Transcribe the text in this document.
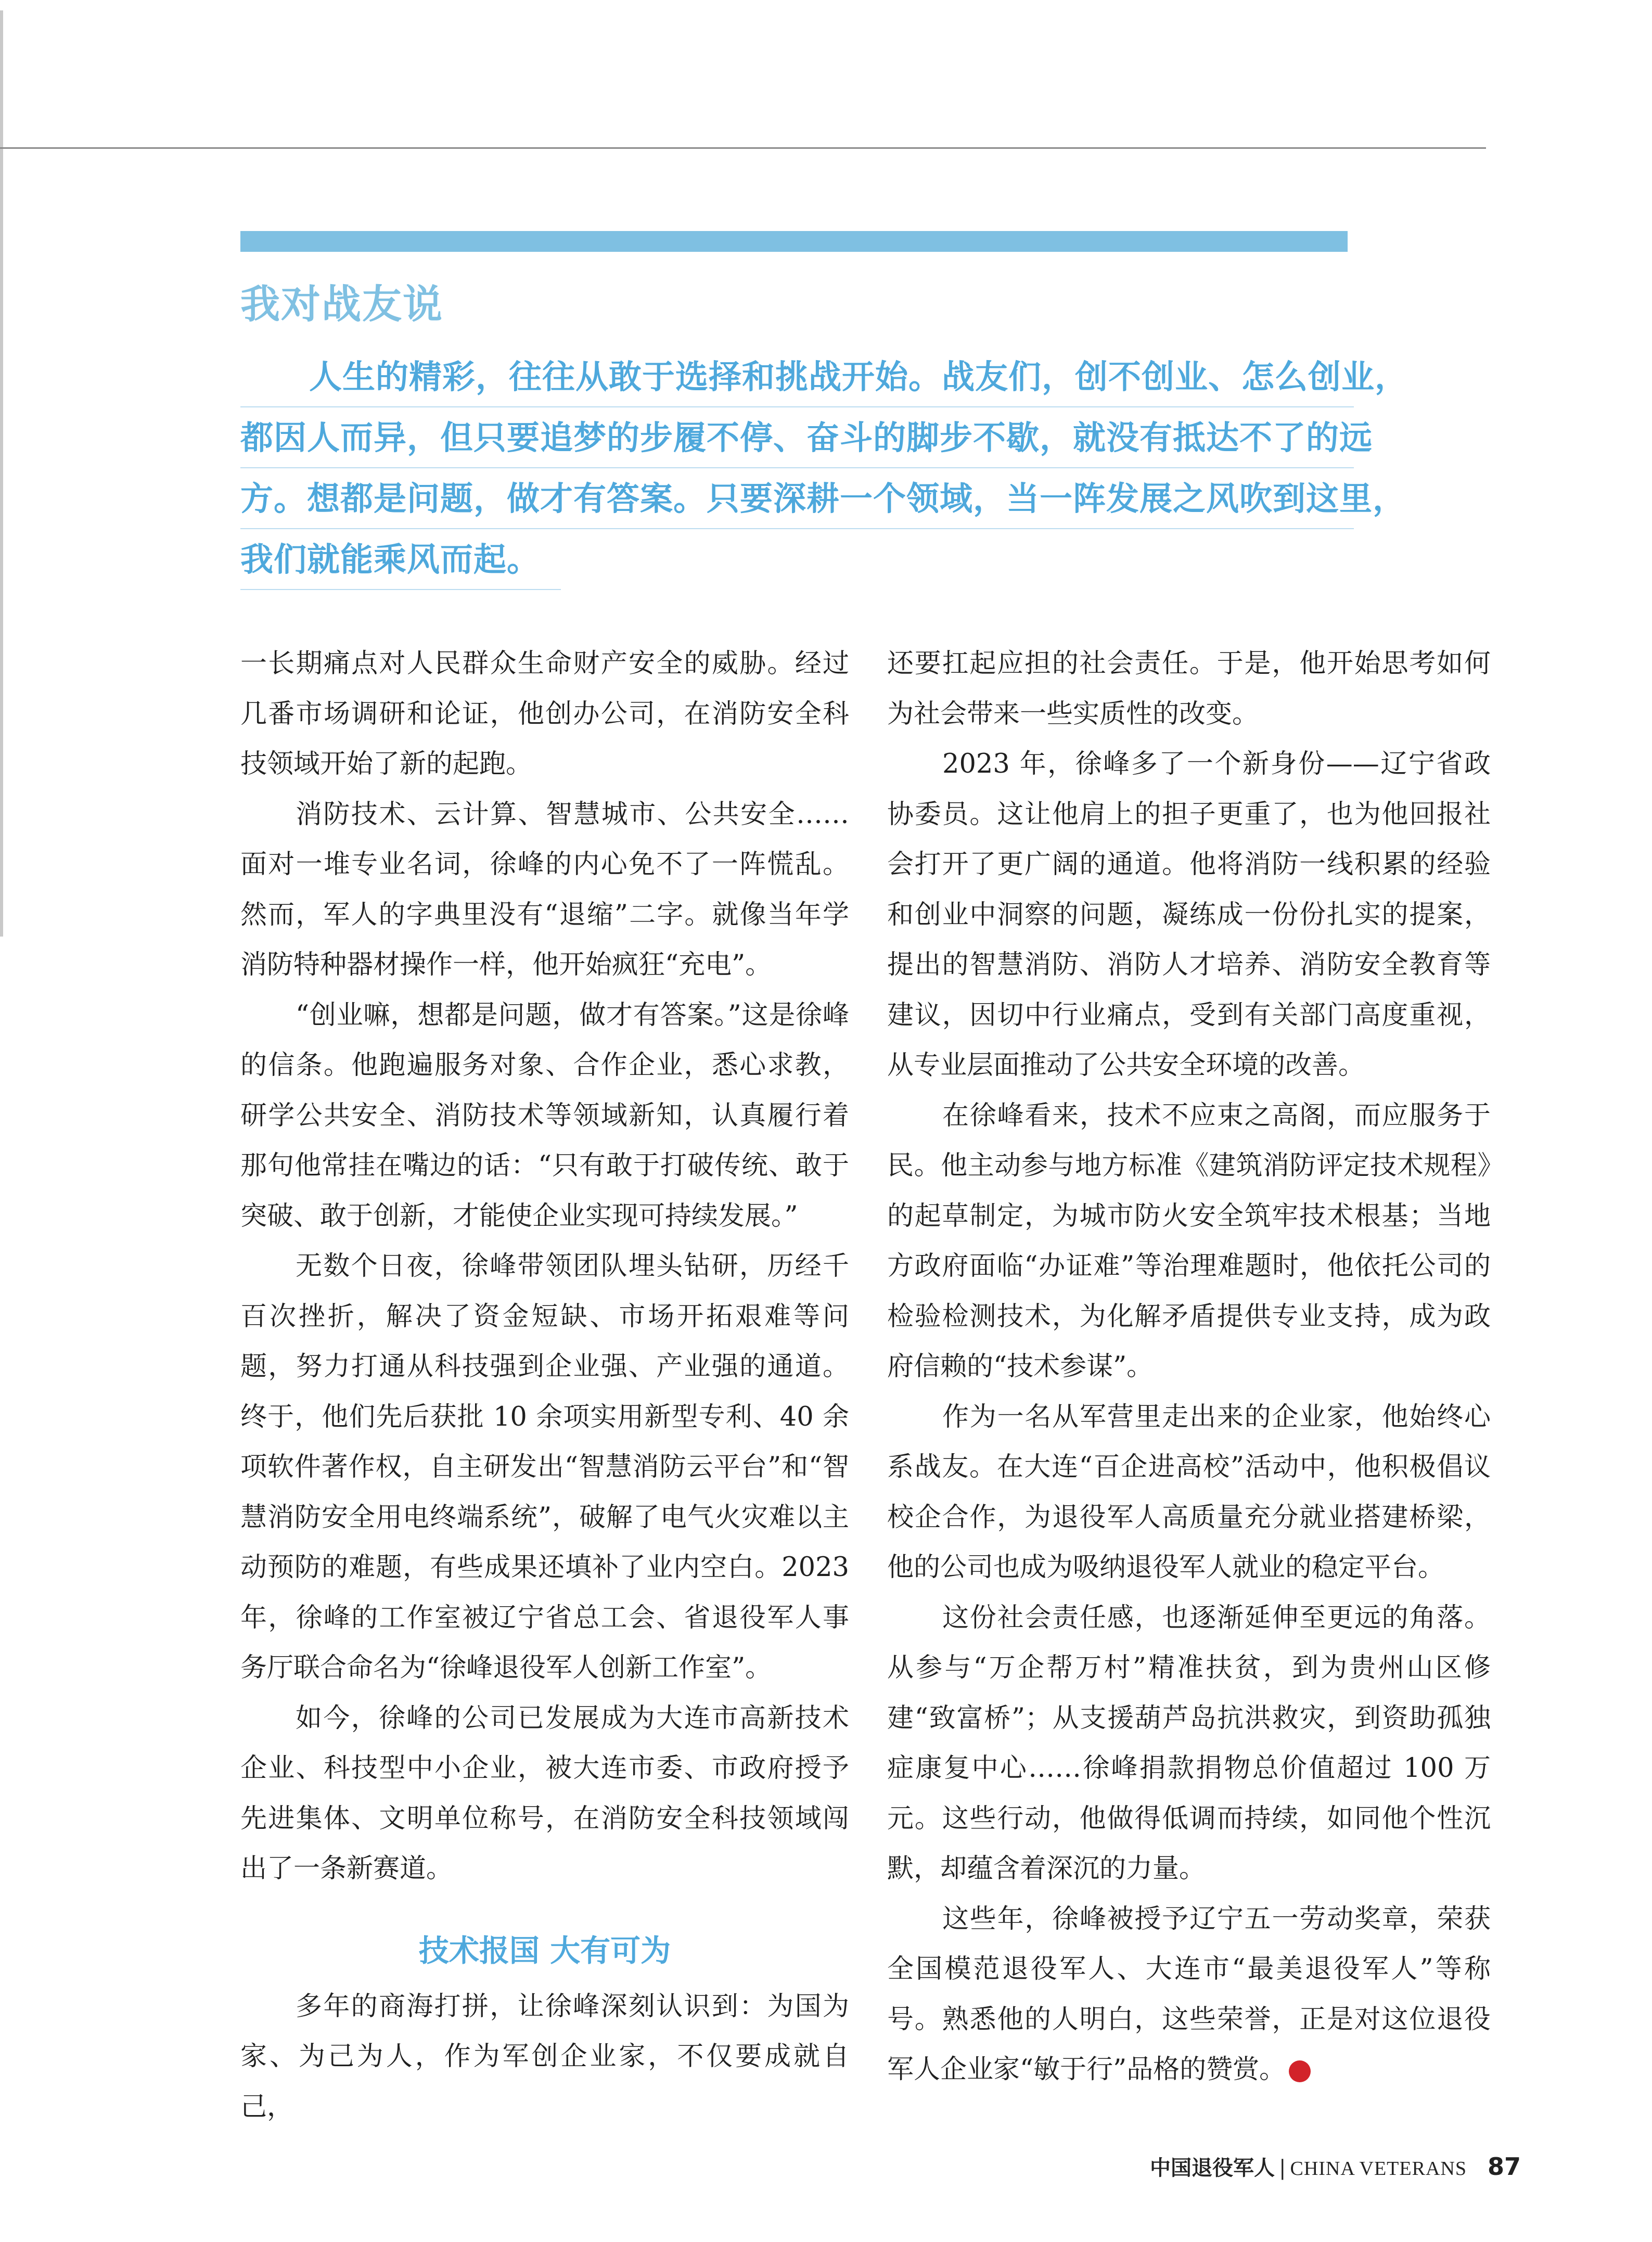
我对战友说
人生的精彩，往往从敢于选择和挑战开始。战友们，创不创业、怎么创业，
都因人而异，但只要追梦的步履不停、奋斗的脚步不歇，就没有抵达不了的远
方。想都是问题，做才有答案。只要深耕一个领域，当一阵发展之风吹到这里，
我们就能乘风而起。

一长期痛点对人民群众生命财产安全的威胁。经过几番市场调研和论证，他创办公司，在消防安全科技领域开始了新的起跑。

消防技术、云计算、智慧城市、公共安全……面对一堆专业名词，徐峰的内心免不了一阵慌乱。然而，军人的字典里没有“退缩”二字。就像当年学消防特种器材操作一样，他开始疯狂“充电”。

“创业嘛，想都是问题，做才有答案。”这是徐峰的信条。他跑遍服务对象、合作企业，悉心求教，研学公共安全、消防技术等领域新知，认真履行着那句他常挂在嘴边的话：“只有敢于打破传统、敢于突破、敢于创新，才能使企业实现可持续发展。”

无数个日夜，徐峰带领团队埋头钻研，历经千百次挫折，解决了资金短缺、市场开拓艰难等问题，努力打通从科技强到企业强、产业强的通道。终于，他们先后获批 10 余项实用新型专利、40 余项软件著作权，自主研发出“智慧消防云平台”和“智慧消防安全用电终端系统”，破解了电气火灾难以主动预防的难题，有些成果还填补了业内空白。2023 年，徐峰的工作室被辽宁省总工会、省退役军人事务厅联合命名为“徐峰退役军人创新工作室”。

如今，徐峰的公司已发展成为大连市高新技术企业、科技型中小企业，被大连市委、市政府授予先进集体、文明单位称号，在消防安全科技领域闯出了一条新赛道。

技术报国 大有可为

多年的商海打拼，让徐峰深刻认识到：为国为家、为己为人，作为军创企业家，不仅要成就自己，

还要扛起应担的社会责任。于是，他开始思考如何为社会带来一些实质性的改变。

2023 年，徐峰多了一个新身份——辽宁省政协委员。这让他肩上的担子更重了，也为他回报社会打开了更广阔的通道。他将消防一线积累的经验和创业中洞察的问题，凝练成一份份扎实的提案，提出的智慧消防、消防人才培养、消防安全教育等建议，因切中行业痛点，受到有关部门高度重视，从专业层面推动了公共安全环境的改善。

在徐峰看来，技术不应束之高阁，而应服务于民。他主动参与地方标准《建筑消防评定技术规程》的起草制定，为城市防火安全筑牢技术根基；当地方政府面临“办证难”等治理难题时，他依托公司的检验检测技术，为化解矛盾提供专业支持，成为政府信赖的“技术参谋”。

作为一名从军营里走出来的企业家，他始终心系战友。在大连“百企进高校”活动中，他积极倡议校企合作，为退役军人高质量充分就业搭建桥梁，他的公司也成为吸纳退役军人就业的稳定平台。

这份社会责任感，也逐渐延伸至更远的角落。从参与“万企帮万村”精准扶贫，到为贵州山区修建“致富桥”；从支援葫芦岛抗洪救灾，到资助孤独症康复中心……徐峰捐款捐物总价值超过 100 万元。这些行动，他做得低调而持续，如同他个性沉默，却蕴含着深沉的力量。

这些年，徐峰被授予辽宁五一劳动奖章，荣获全国模范退役军人、大连市“最美退役军人”等称号。熟悉他的人明白，这些荣誉，正是对这位退役军人企业家“敏于行”品格的赞赏。	V

中国退役军人 | CHINA VETERANS 87
